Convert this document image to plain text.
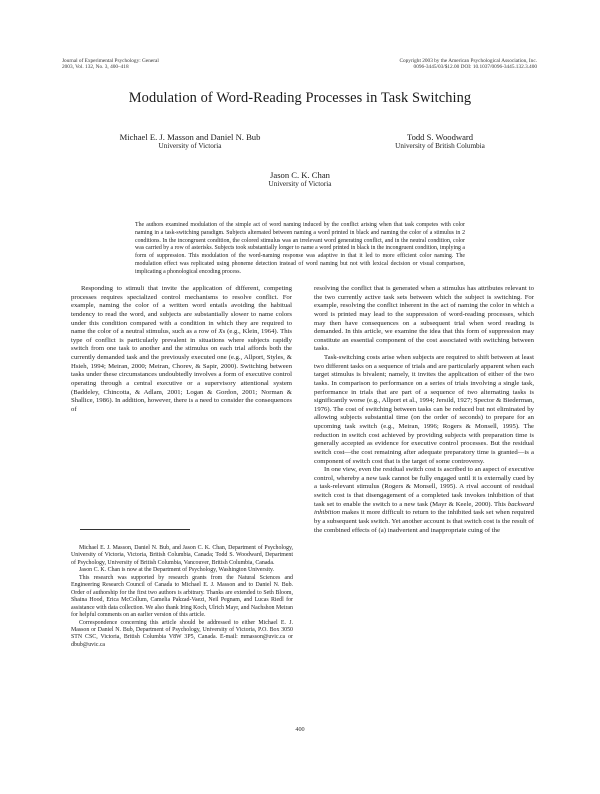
Journal of Experimental Psychology: General
2003, Vol. 132, No. 3, 400–418
Copyright 2003 by the American Psychological Association, Inc.
0096-3445/03/$12.00 DOI: 10.1037/0096-3445.132.3.400
Modulation of Word-Reading Processes in Task Switching
Michael E. J. Masson and Daniel N. Bub
University of Victoria
Todd S. Woodward
University of British Columbia
Jason C. K. Chan
University of Victoria
The authors examined modulation of the simple act of word naming induced by the conflict arising when that task competes with color naming in a task-switching paradigm. Subjects alternated between naming a word printed in black and naming the color of a stimulus in 2 conditions. In the incongruent condition, the colored stimulus was an irrelevant word generating conflict, and in the neutral condition, color was carried by a row of asterisks. Subjects took substantially longer to name a word printed in black in the incongruent condition, implying a form of suppression. This modulation of the word-naming response was adaptive in that it led to more efficient color naming. The modulation effect was replicated using phoneme detection instead of word naming but not with lexical decision or visual comparison, implicating a phonological encoding process.

Responding to stimuli that invite the application of different, competing processes requires specialized control mechanisms to resolve conflict. For example, naming the color of a written word entails avoiding the habitual tendency to read the word, and subjects are substantially slower to name colors under this condition compared with a condition in which they are required to name the color of a neutral stimulus, such as a row of Xs (e.g., Klein, 1964). This type of conflict is particularly prevalent in situations where subjects rapidly switch from one task to another and the stimulus on each trial affords both the currently demanded task and the previously executed one (e.g., Allport, Styles, & Hsieh, 1994; Meiran, 2000; Meiran, Chorev, & Sapir, 2000). Switching between tasks under these circumstances undoubtedly involves a form of executive control operating through a central executive or a supervisory attentional system (Baddeley, Chincotta, & Adlam, 2001; Logan & Gordon, 2001; Norman & Shallice, 1986). In addition, however, there is a need to consider the consequences of

Michael E. J. Masson, Daniel N. Bub, and Jason C. K. Chan, Department of Psychology, University of Victoria, Victoria, British Columbia, Canada; Todd S. Woodward, Department of Psychology, University of British Columbia, Vancouver, British Columbia, Canada.

Jason C. K. Chan is now at the Department of Psychology, Washington University.

This research was supported by research grants from the Natural Sciences and Engineering Research Council of Canada to Michael E. J. Masson and to Daniel N. Bub. Order of authorship for the first two authors is arbitrary. Thanks are extended to Seth Bloom, Shaina Hood, Erica McCollum, Camelia Pakzad-Vaezi, Neil Pegnam, and Lucas Riedl for assistance with data collection. We also thank Iring Koch, Ulrich Mayr, and Nachshon Meiran for helpful comments on an earlier version of this article.

Correspondence concerning this article should be addressed to either Michael E. J. Masson or Daniel N. Bub, Department of Psychology, University of Victoria, P.O. Box 3050 STN CSC, Victoria, British Columbia V8W 3P5, Canada. E-mail: mmasson@uvic.ca or dbub@uvic.ca

resolving the conflict that is generated when a stimulus has attributes relevant to the two currently active task sets between which the subject is switching. For example, resolving the conflict inherent in the act of naming the color in which a word is printed may lead to the suppression of word-reading processes, which may then have consequences on a subsequent trial when word reading is demanded. In this article, we examine the idea that this form of suppression may constitute an essential component of the cost associated with switching between tasks.

Task-switching costs arise when subjects are required to shift between at least two different tasks on a sequence of trials and are particularly apparent when each target stimulus is bivalent; namely, it invites the application of either of the two tasks. In comparison to performance on a series of trials involving a single task, performance in trials that are part of a sequence of two alternating tasks is significantly worse (e.g., Allport et al., 1994; Jersild, 1927; Spector & Biederman, 1976). The cost of switching between tasks can be reduced but not eliminated by allowing subjects substantial time (on the order of seconds) to prepare for an upcoming task switch (e.g., Meiran, 1996; Rogers & Monsell, 1995). The reduction in switch cost achieved by providing subjects with preparation time is generally accepted as evidence for executive control processes. But the residual switch cost—the cost remaining after adequate preparatory time is granted—is a component of switch cost that is the target of some controversy.

In one view, even the residual switch cost is ascribed to an aspect of executive control, whereby a new task cannot be fully engaged until it is externally cued by a task-relevant stimulus (Rogers & Monsell, 1995). A rival account of residual switch cost is that disengagement of a completed task invokes inhibition of that task set to enable the switch to a new task (Mayr & Keele, 2000). This backward inhibition makes it more difficult to return to the inhibited task set when required by a subsequent task switch. Yet another account is that switch cost is the result of the combined effects of (a) inadvertent and inappropriate cuing of the

400
